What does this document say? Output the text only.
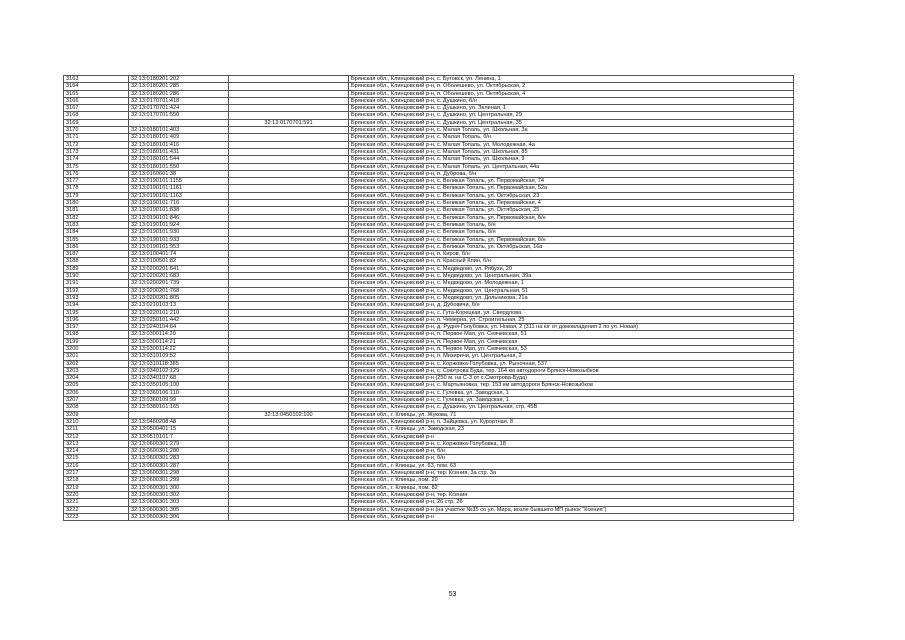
3163	32:13:0180201:202		Брянская обл., Клинцовский р-н, с. Бутовск, ул. Ленина, 1
3164	32:13:0180201:285		Брянская обл., Клинцовский р-н, п. Оболешево, ул. Октябрьская, 2
3165	32:13:0180201:286		Брянская обл., Клинцовский р-н, п. Оболешево, ул. Октябрьская, 4
3166	32:13:0170701:418		Брянская обл., Клинцовский р-н, с. Душкино, б/н
3167	32:13:0170701:424		Брянская обл., Клинцовский р-н, с. Душкино, ул. Зеленая, 1
3168	32:13:0170701:550		Брянская обл., Клинцовский р-н, с. Душкино, ул. Центральная, 29
3169		32:13:0170701:591	Брянская обл., Клинцовский р-н, с. Душкино, ул. Центральная, 35
3170	32:13:0180101:403		Брянская обл., Клинцовский р-н, с. Малая Топаль, ул. Школьная, 3а
3171	32:13:0180101:409		Брянская обл., Клинцовский р-н, с. Малая Топаль, б/н
3172	32:13:0180101:416		Брянская обл., Клинцовский р-н, с. Малая Топаль, ул. Молодежная, 4а
3173	32:13:0180101:431		Брянская обл., Клинцовский р-н, с. Малая Топаль, ул. Школьная, 85
3174	32:13:0180101:544		Брянская обл., Клинцовский р-н, с. Малая Топаль, ул. Школьная, 9
3175	32:13:0180101:550		Брянская обл., Клинцовский р-н, с. Малая Топаль, ул. Центральная, 44а
3176	32:13:0160601:38		Брянская обл., Клинцовский р-н, п. Дуброва, б/н
3177	32:13:0190101:1155		Брянская обл., Клинцовский р-н, с. Великая Топаль, ул. Первомайская, 74
3178	32:13:0190101:1161		Брянская обл., Клинцовский р-н, с. Великая Топаль, ул. Первомайская, 52а
3179	32:13:0190101:1163		Брянская обл., Клинцовский р-н, с. Великая Топаль, ул. Октябрьская, 23
3180	32:13:0190101:716		Брянская обл., Клинцовский р-н, с. Великая Топаль, ул. Первомайская, 4
3181	32:13:0190101:838		Брянская обл., Клинцовский р-н, с. Великая Топаль, ул. Октябрьская, 25
3182	32:13:0190101:846		Брянская обл., Клинцовский р-н, с. Великая Топаль, ул. Первомайская, б/н
3183	32:13:0190101:924		Брянская обл., Клинцовский р-н, с. Великая Топаль, б/н
3184	32:13:0190101:930		Брянская обл., Клинцовский р-н, с. Великая Топаль, б/н
3185	32:13:0190101:933		Брянская обл., Клинцовский р-н, с. Великая Топаль, ул. Первомайская, б/н
3186	32:13:0190101:953		Брянская обл., Клинцовский р-н, с. Великая Топаль, ул. Октябрьская, 16а
3187	32:13:0100401:74		Брянская обл., Клинцовский р-н, п. Киров, б/н
3188	32:13:0100501:82		Брянская обл., Клинцовский р-н, п. Красный Клин, б/н
3189	32:13:0200201:641		Брянская обл., Клинцовский р-н, с. Медведово, ул. Рябухи, 20
3190	32:13:0200201:683		Брянская обл., Клинцовский р-н, с. Медведово, ул. Центральная, 39а
3191	32:13:0200201:739		Брянская обл., Клинцовский р-н, с. Медведово, ул. Молодежная, 1
3192	32:13:0200201:768		Брянская обл., Клинцовский р-н, с. Медведово, ул. Центральная, 51
3193	32:13:0200201:805		Брянская обл., Клинцовский р-н, с. Медведово, ул. Дольникова, 21а
3194	32:13:0210103:13		Брянская обл., Клинцовский р-н, д. Дубовичи, б/н
3195	32:13:0220101:210		Брянская обл., Клинцовский р-н, с. Гута-Корецкая, ул. Свердлова
3196	32:13:0250101:442		Брянская обл., Клинцовский р-н, п. Чемерна, ул. Строительная, 25
3197	32:13:0240104:64		Брянская обл., Клинцовский р-н, д. Рудня-Голубовка, ул. Новая, 2 (311 на юг от домовладения 2 по ул. Новая)
3198	32:13:0300114:20		Брянская обл., Клинцовский р-н, п. Первое Мая, ул. Севчевская, 51
3199	32:13:0300114:21		Брянская обл., Клинцовский р-н, п. Первое Мая, ул. Севчевская
3200	32:13:0300114:22		Брянская обл., Клинцовский р-н, п. Первое Мая, ул. Севчевская, 53
3201	32:13:0310109:52		Брянская обл., Клинцовский р-н, п. Мизиричи, ул. Центральная, 2
3202	32:13:0310118:385		Брянская обл., Клинцовский р-н, с. Коржовка-Голубовка, ул. Рыночная, 537
3203	32:13:0340102:129		Брянская обл., Клинцовский р-н, с. Смотрова Буда, тер. 164 км автодороги Брянск-Новозыбков
3204	32:13:0340107:68		Брянская обл., Клинцовский р-н (250 м. на С-З от с.Смотрова-Буда)
3205	32:13:0350105:100		Брянская обл., Клинцовский р-н, с. Мартьяновка, тер. 153 км автодороги Брянск-Новозыбков
3206	32:13:0360106:110		Брянская обл., Клинцовский р-н, с. Гулевка, ул. Заводская, 1
3207	32:13:0360109:99		Брянская обл., Клинцовский р-н, с. Гулевка, ул. Заводская, 1
3208	32:13:0380101:165		Брянская обл., Клинцовский р-н, с. Душкино, ул. Центральная, стр. 45В
3209		32:13:0450102:100	Брянская обл., г. Клинцы, ул. Жукова, 71
3210	32:13:0460208:48		Брянская обл., Клинцовский р-н, п. Зайцевка, ул. Курортная, 8
3211	32:13:0500401:15		Брянская обл., г. Клинцы, ул. Заводская, 23
3212	32:13:0510101:7		Брянская обл., Клинцовский р-н
3213	32:13:0600301:279		Брянская обл., Клинцовский р-н, с. Коржовка-Голубовка, 18
3214	32:13:0600301:280		Брянская обл., Клинцовский р-н, б/н
3215	32:13:0600301:283		Брянская обл., Клинцовский р-н, б/н
3216	32:13:0600301:287		Брянская обл., г. Клинцы, ул. 63, пом. 63
3217	32:13:0600301:298		Брянская обл., Клинцовский р-н, тер. Ксения, 3а стр. 3а
3218	32:13:0600301:299		Брянская обл., г. Клинцы, пом. 20
3219	32:13:0600301:300		Брянская обл., г. Клинцы, пом. 82
3220	32:13:0600301:302		Брянская обл., Клинцовский р-н, тер. Ксения
3221	32:13:0600301:303		Брянская обл., Клинцовский р-н, 26 стр. 26
3222	32:13:0600301:305		Брянская обл., Клинцовский р-н (на участке №35 со ул. Мира, возле бывшего МП рынок "Ксения")
3223	32:13:0600301:306		Брянская обл., Клинцовский р-н
53
